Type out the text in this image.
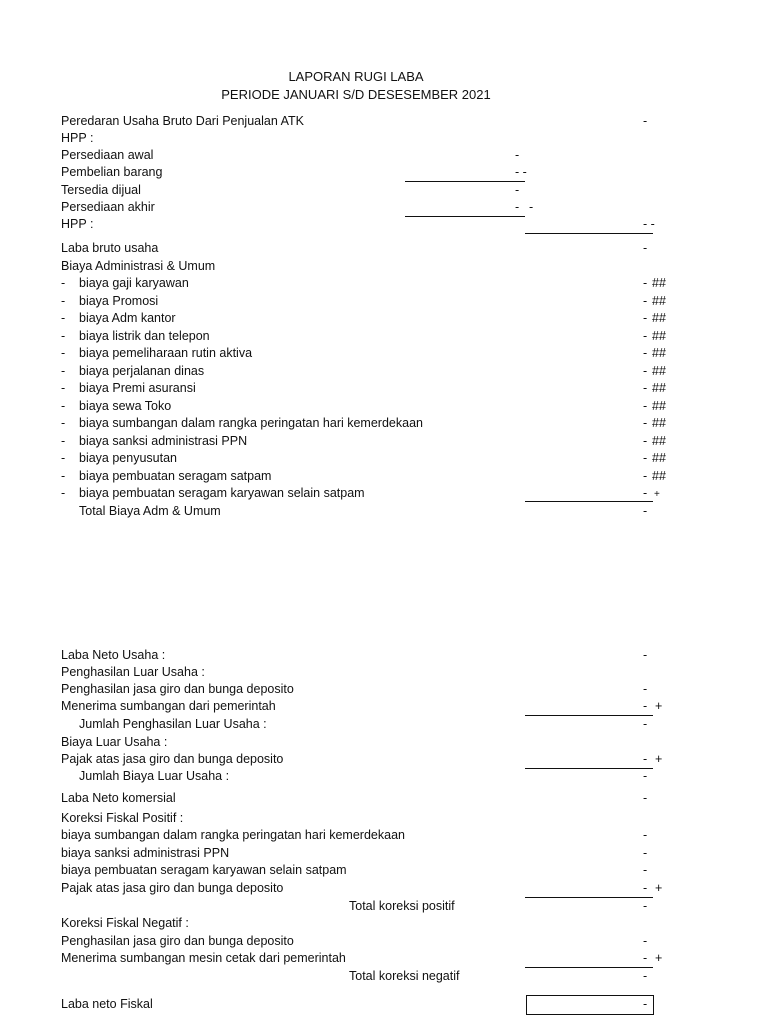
LAPORAN RUGI LABA
PERIODE JANUARI S/D DESESEMBER 2021
Peredaran Usaha Bruto Dari Penjualan ATK	-
HPP :
Persediaan awal	-
Pembelian barang	- -
Tersedia dijual	-
Persediaan akhir	- -
HPP :	- -
Laba bruto usaha	-
Biaya Administrasi & Umum
- biaya gaji karyawan	- ##
- biaya Promosi	- ##
- biaya Adm kantor	- ##
- biaya listrik dan telepon	- ##
- biaya pemeliharaan rutin aktiva	- ##
- biaya perjalanan dinas	- ##
- biaya Premi asuransi	- ##
- biaya sewa Toko	- ##
- biaya sumbangan dalam rangka peringatan hari kemerdekaan	- ##
- biaya sanksi administrasi PPN	- ##
- biaya penyusutan	- ##
- biaya pembuatan seragam satpam	- ##
- biaya pembuatan seragam karyawan selain satpam	- +
Total Biaya Adm & Umum	-
Laba Neto Usaha :	-
Penghasilan Luar Usaha :
Penghasilan jasa giro dan bunga deposito	-
Menerima sumbangan dari pemerintah	- +
Jumlah Penghasilan Luar Usaha :	-
Biaya Luar Usaha :
Pajak atas jasa giro dan bunga deposito	- +
Jumlah Biaya Luar Usaha :	-
Laba Neto komersial	-
Koreksi Fiskal Positif :
biaya sumbangan dalam rangka peringatan hari kemerdekaan	-
biaya sanksi administrasi PPN	-
biaya pembuatan seragam karyawan selain satpam	-
Pajak atas jasa giro dan bunga deposito	- +
Total koreksi positif	-
Koreksi Fiskal Negatif :
Penghasilan jasa giro dan bunga deposito	-
Menerima sumbangan mesin cetak dari pemerintah	- +
Total koreksi negatif	-
Laba neto Fiskal	-
